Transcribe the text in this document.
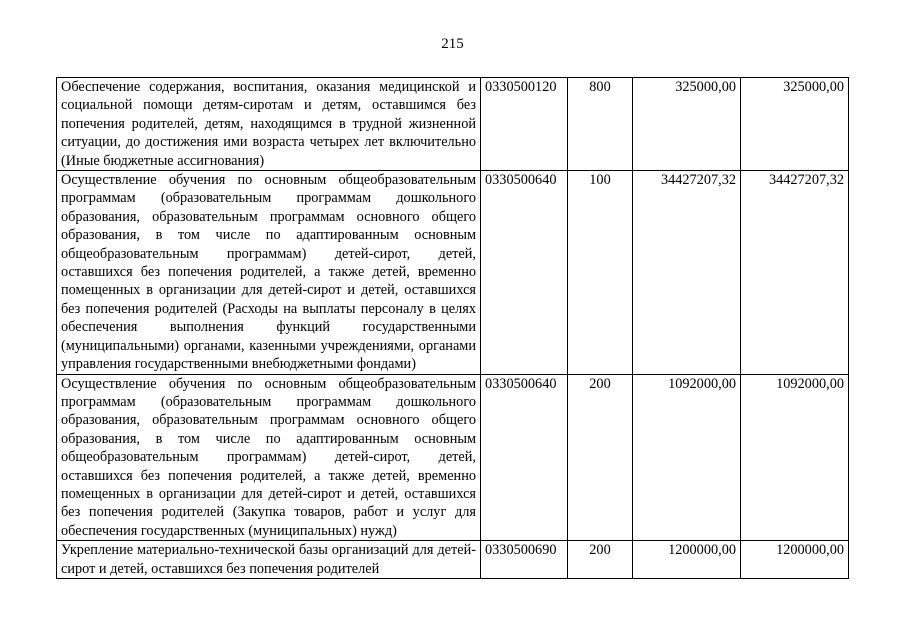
215
Обеспечение содержания, воспитания, оказания медицинской и социальной помощи детям-сиротам и детям, оставшимся без попечения родителей, детям, находящимся в трудной жизненной ситуации, до достижения ими возраста четырех лет включительно (Иные бюджетные ассигнования)	0330500120	800	325000,00	325000,00
Осуществление обучения по основным общеобразовательным программам (образовательным программам дошкольного образования, образовательным программам основного общего образования, в том числе по адаптированным основным общеобразовательным программам) детей-сирот, детей, оставшихся без попечения родителей, а также детей, временно помещенных в организации для детей-сирот и детей, оставшихся без попечения родителей (Расходы на выплаты персоналу в целях обеспечения выполнения функций государственными (муниципальными) органами, казенными учреждениями, органами управления государственными внебюджетными фондами)	0330500640	100	34427207,32	34427207,32
Осуществление обучения по основным общеобразовательным программам (образовательным программам дошкольного образования, образовательным программам основного общего образования, в том числе по адаптированным основным общеобразовательным программам) детей-сирот, детей, оставшихся без попечения родителей, а также детей, временно помещенных в организации для детей-сирот и детей, оставшихся без попечения родителей (Закупка товаров, работ и услуг для обеспечения государственных (муниципальных) нужд)	0330500640	200	1092000,00	1092000,00
Укрепление материально-технической базы организаций для детей-сирот и детей, оставшихся без попечения родителей	0330500690	200	1200000,00	1200000,00
